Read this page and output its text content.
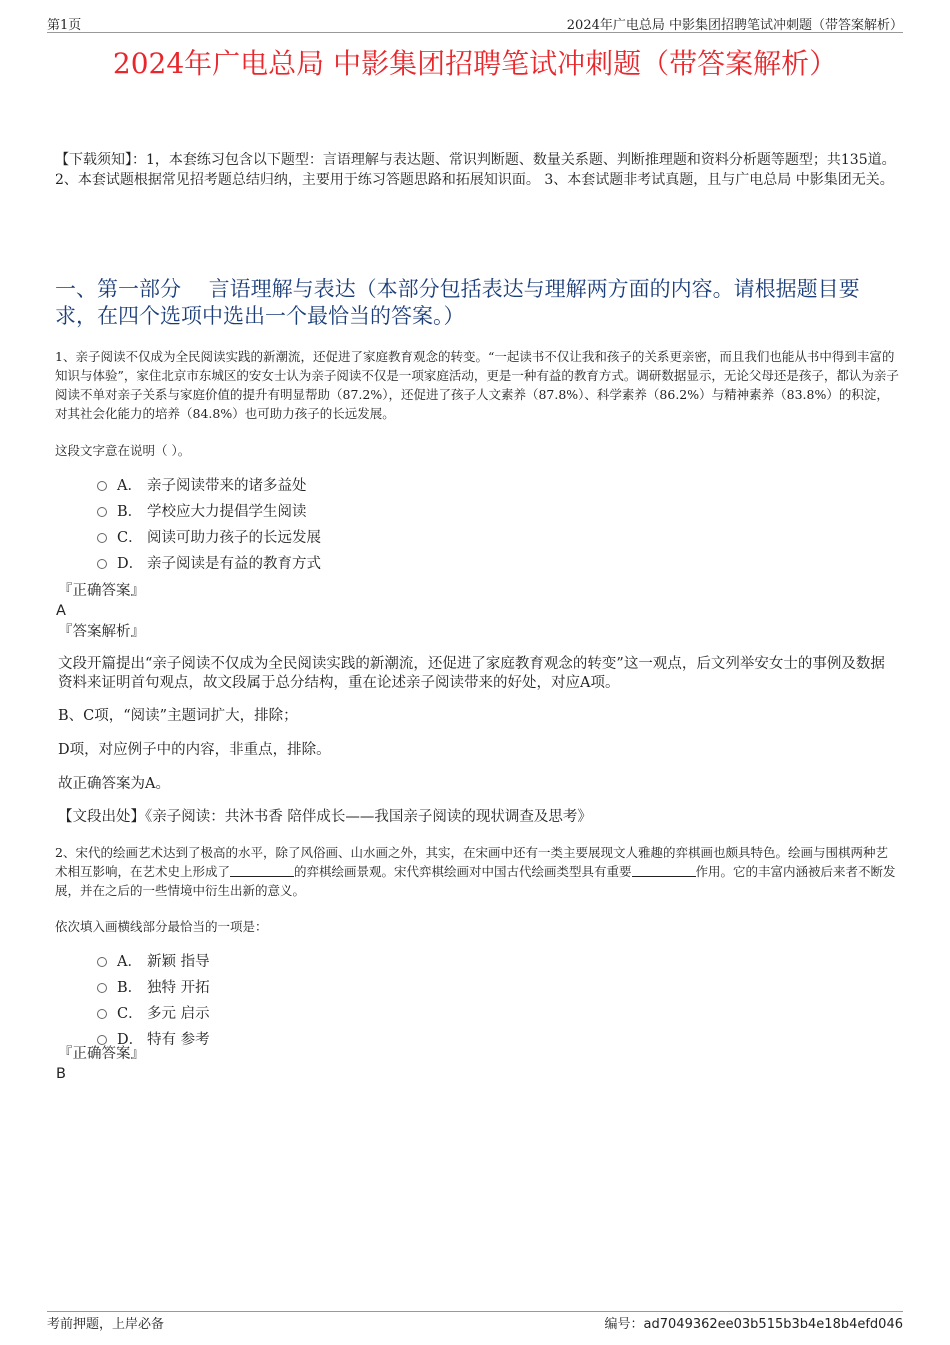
第1页	2024年广电总局 中影集团招聘笔试冲刺题（带答案解析）
2024年广电总局 中影集团招聘笔试冲刺题（带答案解析）
【下载须知】：1，本套练习包含以下题型：言语理解与表达题、常识判断题、数量关系题、判断推理题和资料分析题等题型；共135道。 2、本套试题根据常见招考题总结归纳，主要用于练习答题思路和拓展知识面。 3、本套试题非考试真题，且与广电总局 中影集团无关。
一、第一部分　 言语理解与表达（本部分包括表达与理解两方面的内容。请根据题目要求，在四个选项中选出一个最恰当的答案。）
1、亲子阅读不仅成为全民阅读实践的新潮流，还促进了家庭教育观念的转变。“一起读书不仅让我和孩子的关系更亲密，而且我们也能从书中得到丰富的知识与体验”，家住北京市东城区的安女士认为亲子阅读不仅是一项家庭活动，更是一种有益的教育方式。调研数据显示，无论父母还是孩子，都认为亲子阅读不单对亲子关系与家庭价值的提升有明显帮助（87.2%），还促进了孩子人文素养（87.8%）、科学素养（86.2%）与精神素养（83.8%）的积淀，对其社会化能力的培养（84.8%）也可助力孩子的长远发展。
这段文字意在说明（ ）。
A． 亲子阅读带来的诸多益处
B． 学校应大力提倡学生阅读
C． 阅读可助力孩子的长远发展
D． 亲子阅读是有益的教育方式
『正确答案』
A
『答案解析』
文段开篇提出“亲子阅读不仅成为全民阅读实践的新潮流，还促进了家庭教育观念的转变”这一观点，后文列举安女士的事例及数据资料来证明首句观点，故文段属于总分结构，重在论述亲子阅读带来的好处，对应A项。
B、C项，“阅读”主题词扩大，排除；
D项，对应例子中的内容，非重点，排除。
故正确答案为A。
【文段出处】《亲子阅读：共沐书香 陪伴成长——我国亲子阅读的现状调查及思考》
2、宋代的绘画艺术达到了极高的水平，除了风俗画、山水画之外，其实，在宋画中还有一类主要展现文人雅趣的弈棋画也颇具特色。绘画与围棋两种艺术相互影响，在艺术史上形成了	的弈棋绘画景观。宋代弈棋绘画对中国古代绘画类型具有重要	作用。它的丰富内涵被后来者不断发展，并在之后的一些情境中衍生出新的意义。
依次填入画横线部分最恰当的一项是：
A． 新颖 指导
B． 独特 开拓
C． 多元 启示
D． 特有 参考
『正确答案』
B
考前押题，上岸必备	编号：ad7049362ee03b515b3b4e18b4efd046
